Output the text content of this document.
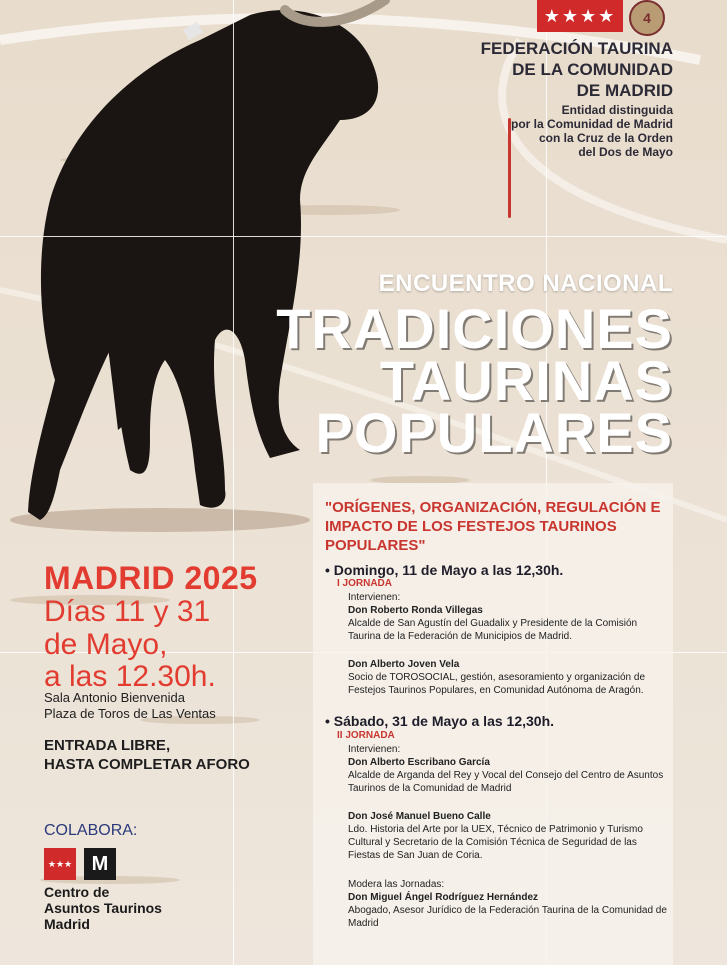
★★★★	4
FEDERACIÓN TAURINA
DE LA COMUNIDAD
DE MADRID
Entidad distinguida
por la Comunidad de Madrid
con la Cruz de la Orden
del Dos de Mayo
ENCUENTRO NACIONAL
TRADICIONES
TAURINAS
POPULARES
"ORÍGENES, ORGANIZACIÓN, REGULACIÓN E IMPACTO DE LOS FESTEJOS TAURINOS POPULARES"
• Domingo, 11 de Mayo a las 12,30h.
I JORNADA
Intervienen:
Don Roberto Ronda Villegas
Alcalde de San Agustín del Guadalix y Presidente de la Comisión Taurina de la Federación de Municipios de Madrid.
Don Alberto Joven Vela
Socio de TOROSOCIAL, gestión, asesoramiento y organización de Festejos Taurinos Populares, en Comunidad Autónoma de Aragón.
• Sábado, 31 de Mayo a las 12,30h.
II JORNADA
Intervienen:
Don Alberto Escribano García
Alcalde de Arganda del Rey y Vocal del Consejo del Centro de Asuntos Taurinos de la Comunidad de Madrid
Don José Manuel Bueno Calle
Ldo. Historia del Arte por la UEX, Técnico de Patrimonio y Turismo Cultural y Secretario de la Comisión Técnica de Seguridad de las Fiestas de San Juan de Coria.
Modera las Jornadas:
Don Miguel Ángel Rodríguez Hernández
Abogado, Asesor Jurídico de la Federación Taurina de la Comunidad de Madrid
MADRID 2025
Días 11 y 31
de Mayo,
a las 12.30h.
Sala Antonio Bienvenida
Plaza de Toros de Las Ventas
ENTRADA LIBRE,
HASTA COMPLETAR AFORO
COLABORA:
★★★ M
Centro de
Asuntos Taurinos
Madrid
